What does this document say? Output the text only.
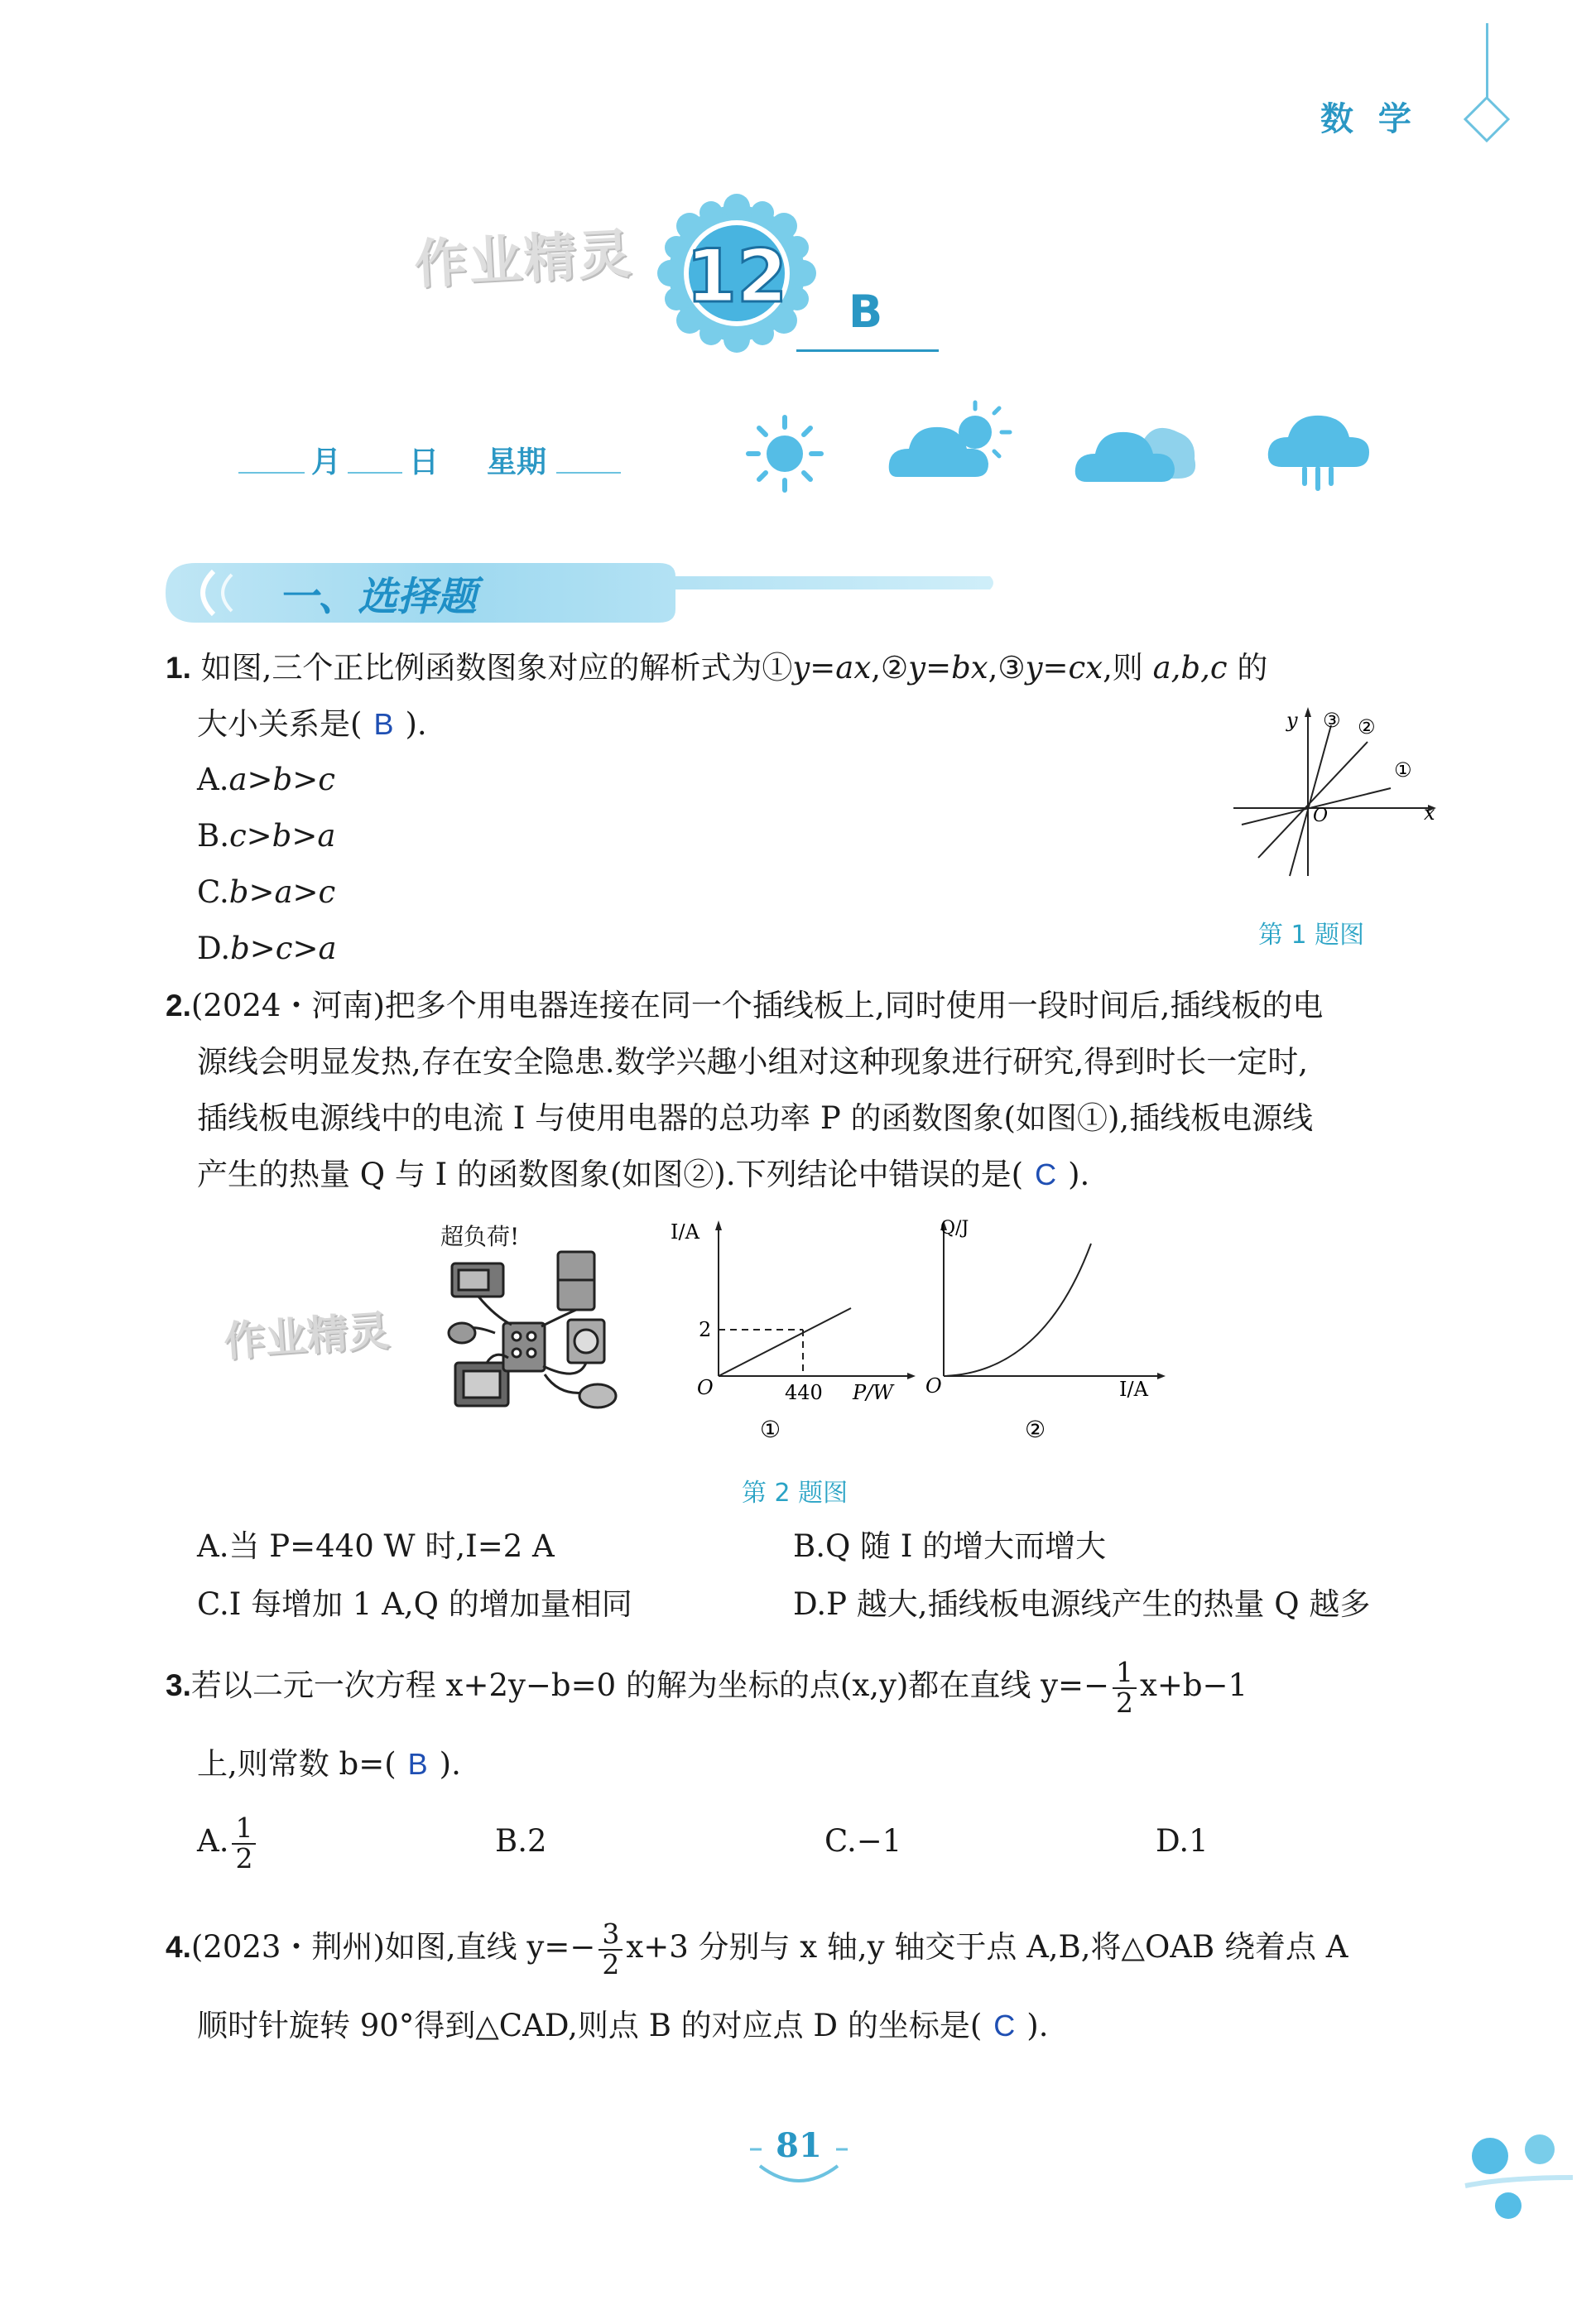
数 学
作业精灵 12	B
月 日 星期
一、选择题
1. 如图,三个正比例函数图象对应的解析式为①y=ax,②y=bx,③y=cx,则 a,b,c 的
大小关系是( B ).
A.a>b>c
B.c>b>a
C.b>a>c
D.b>c>a
y
x
O
③ ②
①
第 1 题图
2.(2024・河南)把多个用电器连接在同一个插线板上,同时使用一段时间后,插线板的电
源线会明显发热,存在安全隐患.数学兴趣小组对这种现象进行研究,得到时长一定时,
插线板电源线中的电流 I 与使用电器的总功率 P 的函数图象(如图①),插线板电源线
产生的热量 Q 与 I 的函数图象(如图②).下列结论中错误的是( C ).
超负荷!
作业精灵
I/A
P/W
O
2
440
①
Q/J
I/A
O
②
第 2 题图
A.当 P=440 W 时,I=2 A	B.Q 随 I 的增大而增大
C.I 每增加 1 A,Q 的增加量相同	D.P 越大,插线板电源线产生的热量 Q 越多
3.若以二元一次方程 x+2y−b=0 的解为坐标的点(x,y)都在直线 $y=- \frac{1}{2} x+b-1$
上,则常数 b=( B ).
A. $\frac{1}{2}$	B.2	C.−1	D.1
4.(2023・荆州)如图,直线 $y=- \frac{3}{2} x+3$ 分别与 x 轴,y 轴交于点 A,B,将△OAB 绕着点 A
顺时针旋转 90°得到△CAD,则点 B 的对应点 D 的坐标是( C ).
81
